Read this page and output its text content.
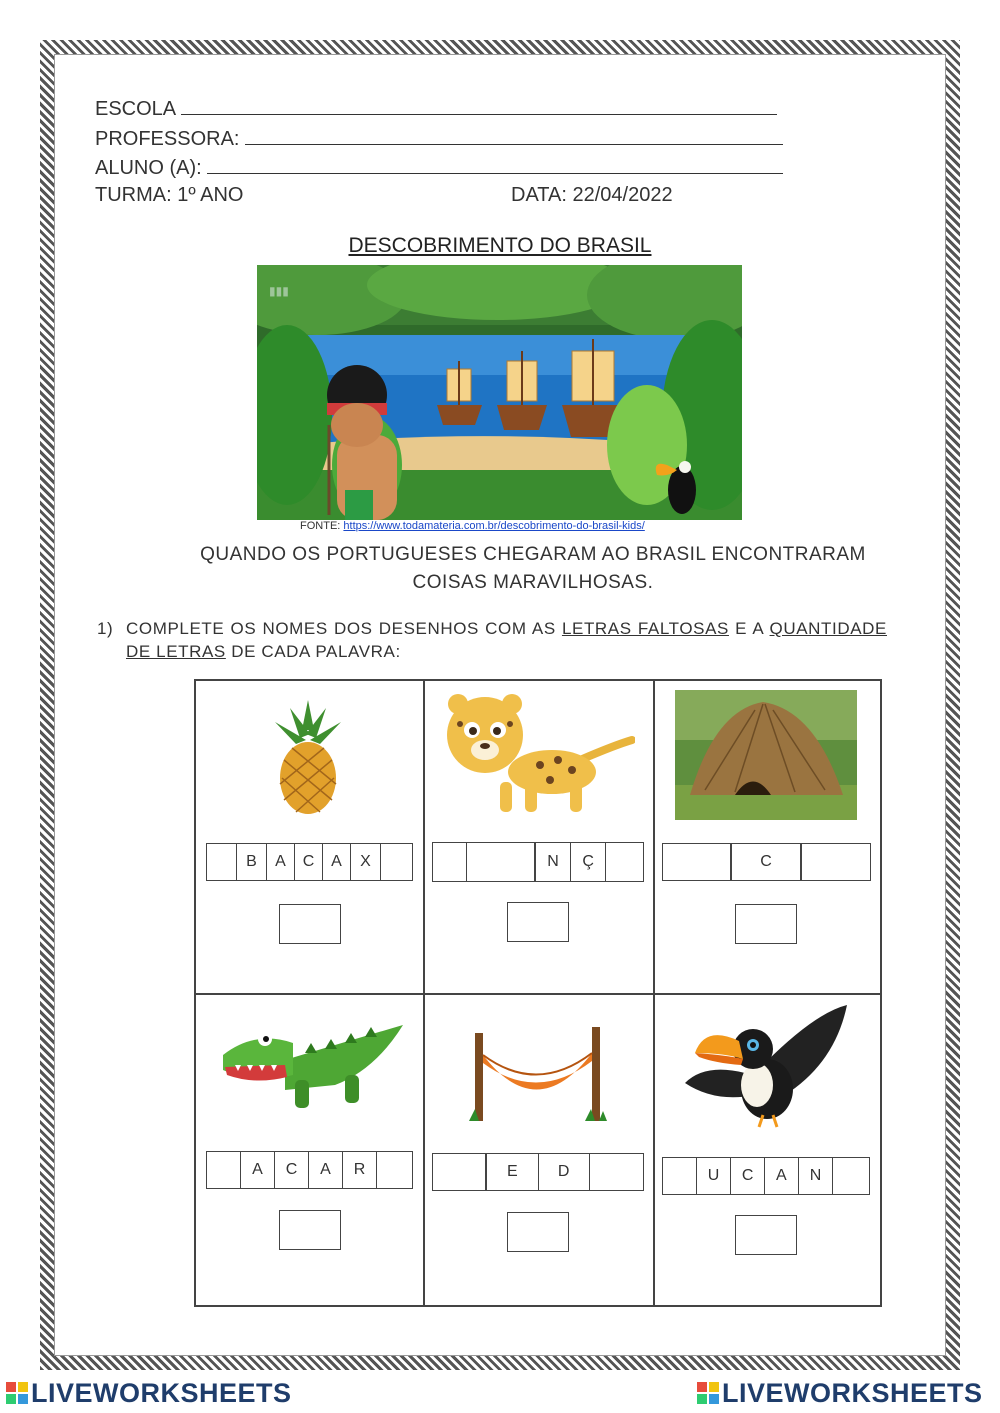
ESCOLA
PROFESSORA:
ALUNO (A):
TURMA: 1º ANO	DATA: 22/04/2022
DESCOBRIMENTO DO BRASIL
▮▮▮
FONTE: https://www.todamateria.com.br/descobrimento-do-brasil-kids/
QUANDO OS PORTUGUESES CHEGARAM AO BRASIL ENCONTRARAM
COISAS MARAVILHOSAS.
1) COMPLETE OS NOMES DOS DESENHOS COM AS LETRAS FALTOSAS E A QUANTIDADE DE LETRAS DE CADA PALAVRA:
B	A	C	A	X	N	Ç	C
A	C	A	R	E	D	U	C	A	N
LIVEWORKSHEETS	LIVEWORKSHEETS
